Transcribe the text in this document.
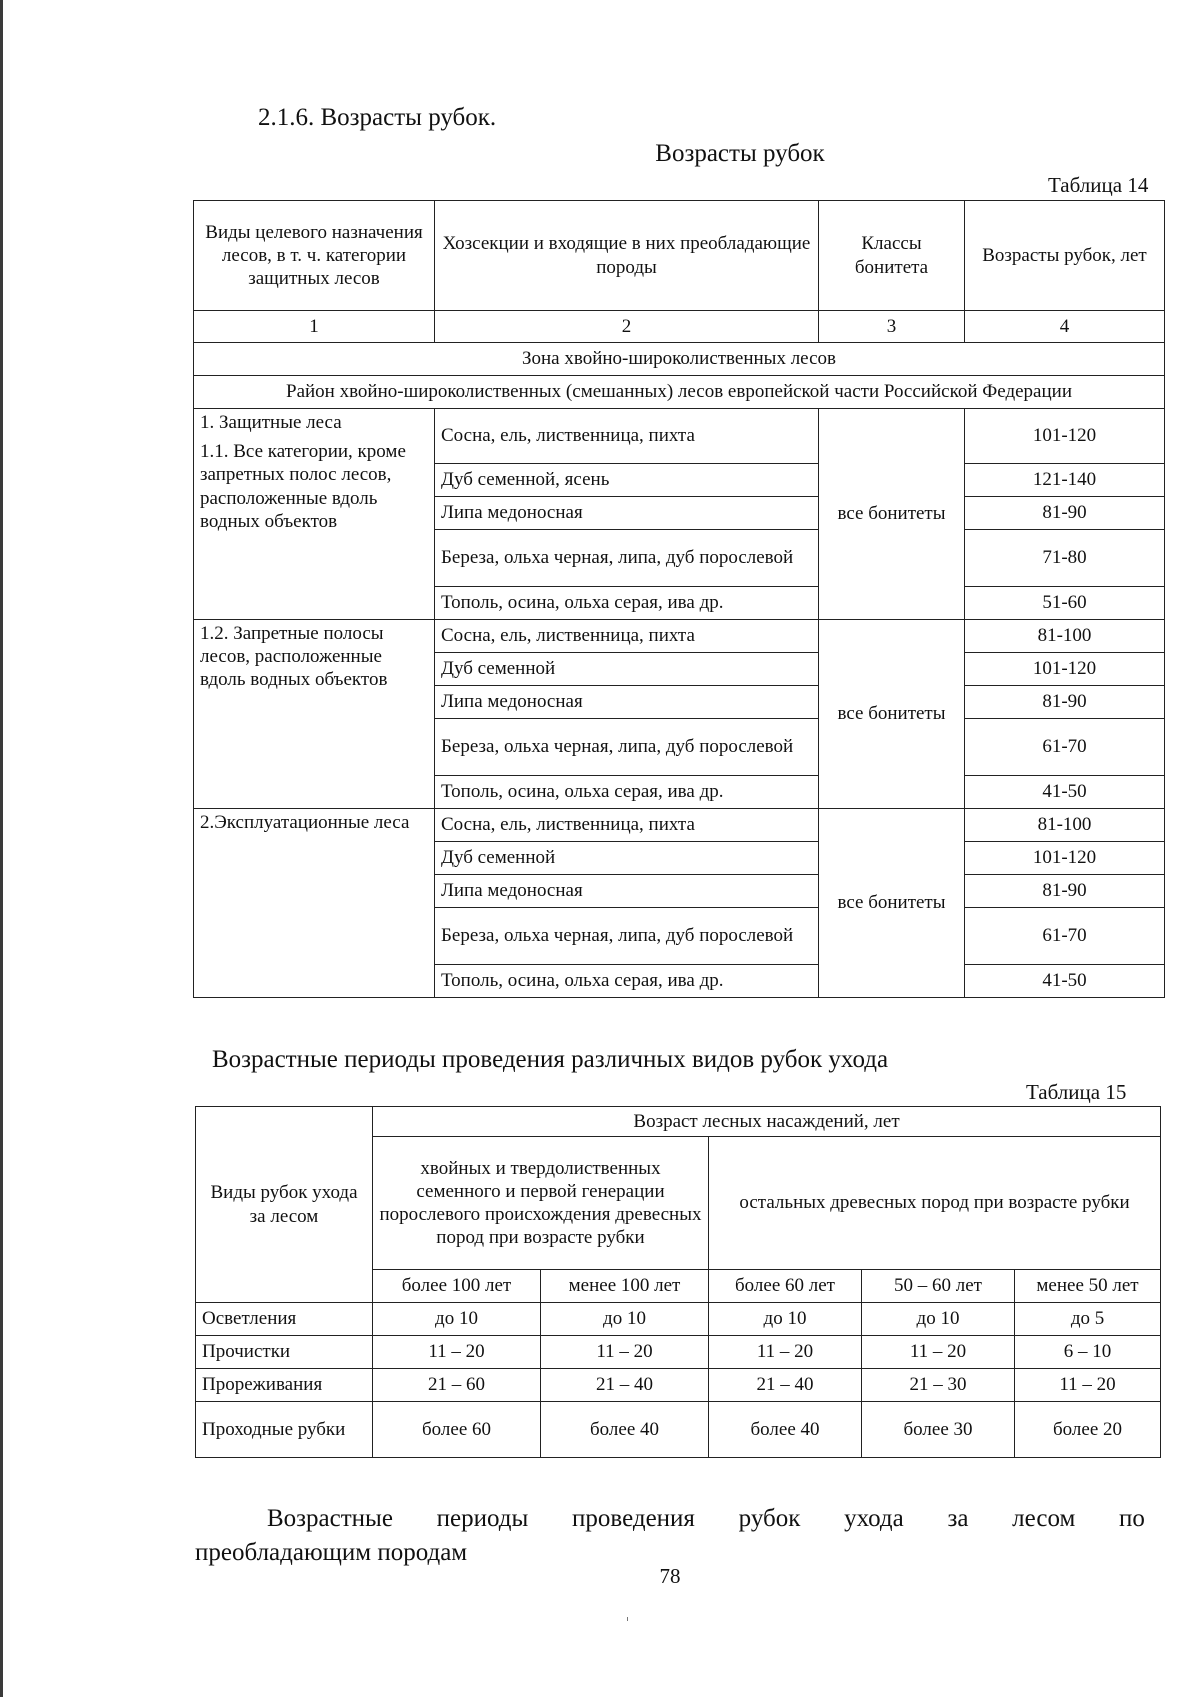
2.1.6. Возрасты рубок.
Возрасты рубок
Таблица 14
Виды целевого назначения лесов, в т. ч. категории защитных лесов	Хозсекции и входящие в них преобладающие породы	Классы бонитета	Возрасты рубок, лет
1	2	3	4
Зона хвойно-широколиственных лесов			
Район хвойно-широколиственных (смешанных) лесов европейской части Российской Федерации			

1. Защитные леса
1.1. Все категории, кроме запретных полос лесов, расположенные вдоль водных объектов	Сосна, ель, лиственница, пихта	все бонитеты	101-120
	Дуб семенной, ясень		121-140
	Липа медоносная		81-90
	Береза, ольха черная, липа, дуб порослевой		71-80
	Тополь, осина, ольха серая, ива др.		51-60
1.2. Запретные полосы лесов, расположенные вдоль водных объектов	Сосна, ель, лиственница, пихта	все бонитеты	81-100
	Дуб семенной		101-120
	Липа медоносная		81-90
	Береза, ольха черная, липа, дуб порослевой		61-70
	Тополь, осина, ольха серая, ива др.		41-50
2.Эксплуатационные леса	Сосна, ель, лиственница, пихта	все бонитеты	81-100
	Дуб семенной		101-120
	Липа медоносная		81-90
	Береза, ольха черная, липа, дуб порослевой		61-70
	Тополь, осина, ольха серая, ива др.		41-50
Возрастные периоды проведения различных видов рубок ухода
Таблица 15
Виды рубок ухода за лесом	Возраст лесных насаждений, лет				
	хвойных и твердолиственных семенного и первой генерации порослевого происхождения древесных пород при возрасте рубки		остальных древесных пород при возрасте рубки		
	более 100 лет	менее 100 лет	более 60 лет	50 – 60 лет	менее 50 лет
Осветления	до 10	до 10	до 10	до 10	до 5
Прочистки	11 – 20	11 – 20	11 – 20	11 – 20	6 – 10
Прореживания	21 – 60	21 – 40	21 – 40	21 – 30	11 – 20
Проходные рубки	более 60	более 40	более 40	более 30	более 20
Возрастные периоды проведения рубок ухода за лесом по
преобладающим породам
78
